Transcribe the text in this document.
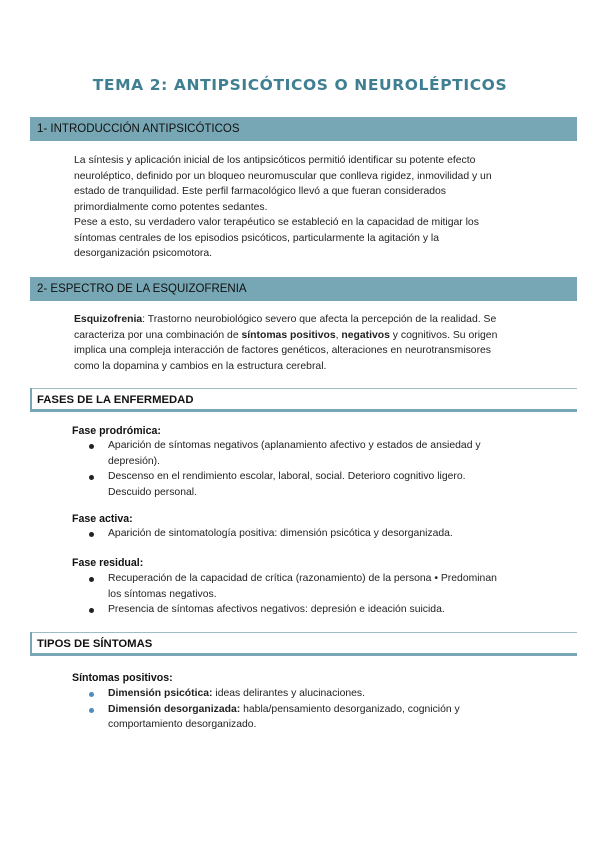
TEMA 2: ANTIPSICÓTICOS O NEUROLÉPTICOS
1- INTRODUCCIÓN ANTIPSICÓTICOS

La síntesis y aplicación inicial de los antipsicóticos permitió identificar su potente efecto neuroléptico, definido por un bloqueo neuromuscular que conlleva rigidez, inmovilidad y un estado de tranquilidad. Este perfil farmacológico llevó a que fueran considerados primordialmente como potentes sedantes.

Pese a esto, su verdadero valor terapéutico se estableció en la capacidad de mitigar los síntomas centrales de los episodios psicóticos, particularmente la agitación y la desorganización psicomotora.

2- ESPECTRO DE LA ESQUIZOFRENIA

Esquizofrenia: Trastorno neurobiológico severo que afecta la percepción de la realidad. Se caracteriza por una combinación de síntomas positivos, negativos y cognitivos. Su origen implica una compleja interacción de factores genéticos, alteraciones en neurotransmisores como la dopamina y cambios en la estructura cerebral.

FASES DE LA ENFERMEDAD

Fase prodrómica:

Aparición de síntomas negativos (aplanamiento afectivo y estados de ansiedad y depresión).
Descenso en el rendimiento escolar, laboral, social. Deterioro cognitivo ligero. Descuido personal.

Fase activa:

Aparición de sintomatología positiva: dimensión psicótica y desorganizada.

Fase residual:

Recuperación de la capacidad de crítica (razonamiento) de la persona • Predominan los síntomas negativos.
Presencia de síntomas afectivos negativos: depresión e ideación suicida.
TIPOS DE SÍNTOMAS

Síntomas positivos:

Dimensión psicótica: ideas delirantes y alucinaciones.
Dimensión desorganizada: habla/pensamiento desorganizado, cognición y comportamiento desorganizado.
